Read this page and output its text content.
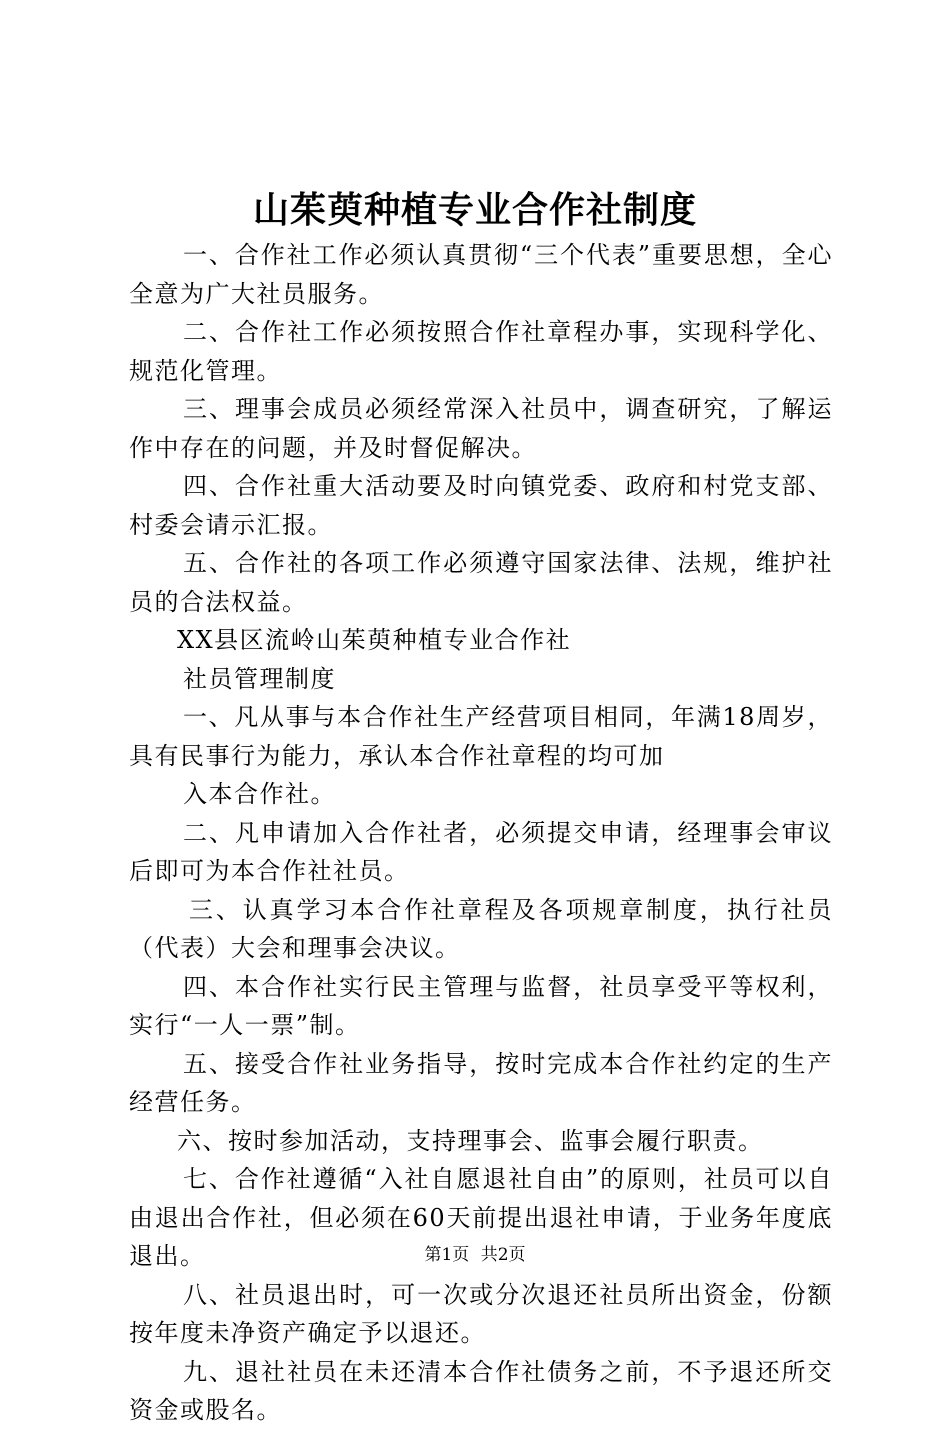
山茱萸种植专业合作社制度

一、合作社工作必须认真贯彻“三个代表”重要思想，全心全意为广大社员服务。

二、合作社工作必须按照合作社章程办事，实现科学化、规范化管理。

三、理事会成员必须经常深入社员中，调查研究，了解运作中存在的问题，并及时督促解决。

四、合作社重大活动要及时向镇党委、政府和村党支部、村委会请示汇报。

五、合作社的各项工作必须遵守国家法律、法规，维护社员的合法权益。

XX县区流岭山茱萸种植专业合作社

社员管理制度

一、凡从事与本合作社生产经营项目相同，年满18周岁，具有民事行为能力，承认本合作社章程的均可加

入本合作社。

二、凡申请加入合作社者，必须提交申请，经理事会审议后即可为本合作社社员。

三、认真学习本合作社章程及各项规章制度，执行社员（代表）大会和理事会决议。

四、本合作社实行民主管理与监督，社员享受平等权利，实行“一人一票”制。

五、接受合作社业务指导，按时完成本合作社约定的生产经营任务。

六、按时参加活动，支持理事会、监事会履行职责。

七、合作社遵循“入社自愿退社自由”的原则，社员可以自由退出合作社，但必须在60天前提出退社申请，于业务年度底退出。

八、社员退出时，可一次或分次退还社员所出资金，份额按年度未净资产确定予以退还。

九、退社社员在未还清本合作社债务之前，不予退还所交资金或股名。

第1页 共2页
